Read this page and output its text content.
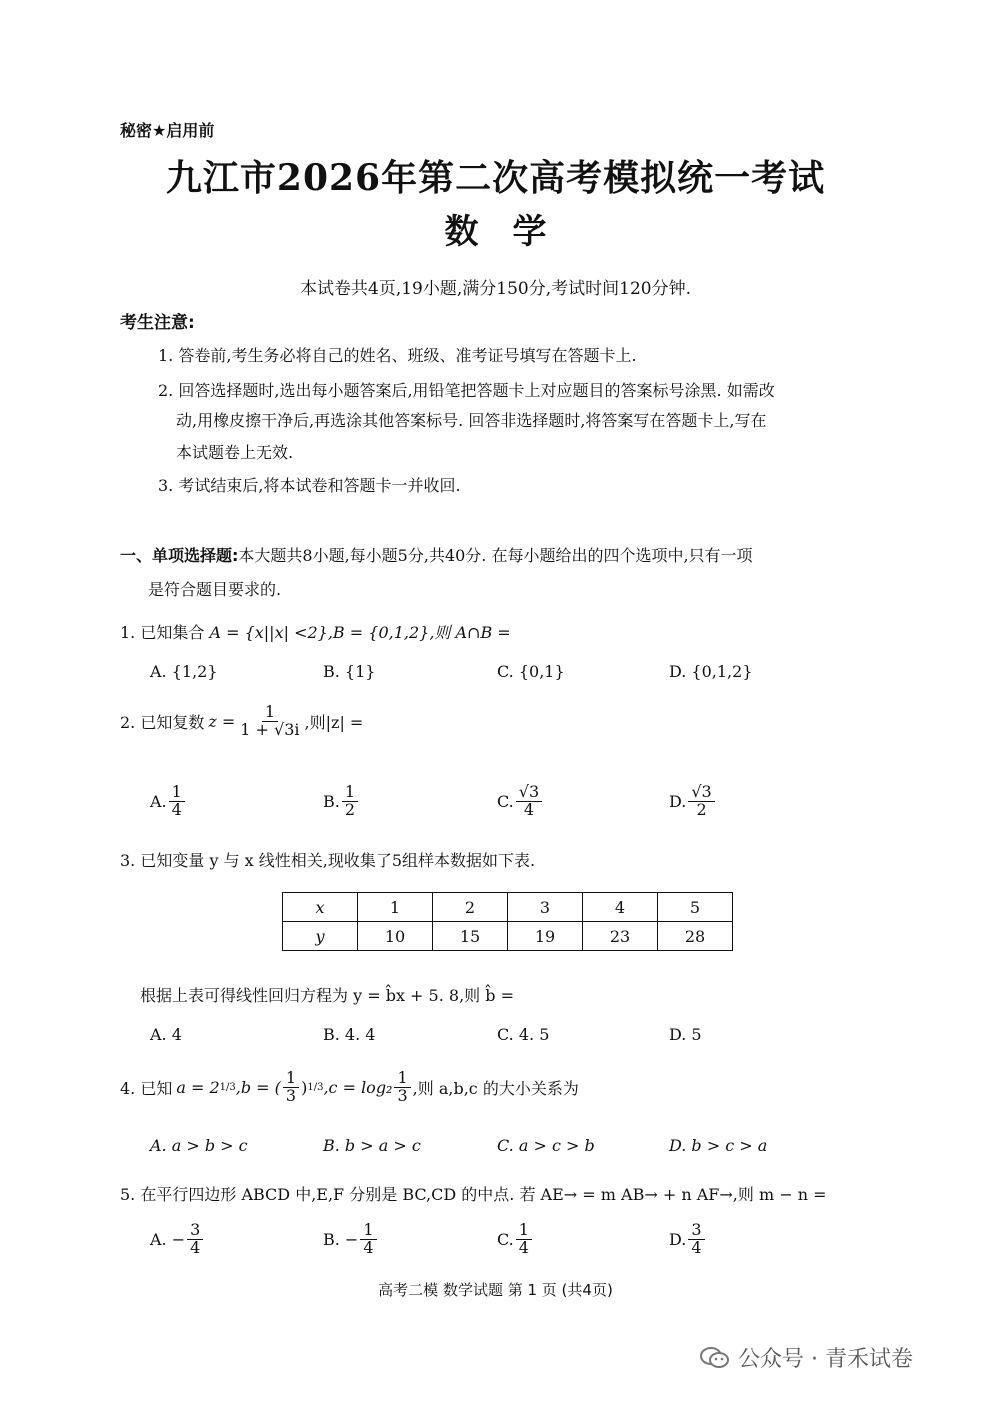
秘密★启用前
九江市2026年第二次高考模拟统一考试
数　学
本试卷共4页,19小题,满分150分,考试时间120分钟.
考生注意:
1. 答卷前,考生务必将自己的姓名、班级、准考证号填写在答题卡上.
2. 回答选择题时,选出每小题答案后,用铅笔把答题卡上对应题目的答案标号涂黑. 如需改
动,用橡皮擦干净后,再选涂其他答案标号. 回答非选择题时,将答案写在答题卡上,写在
本试题卷上无效.
3. 考试结束后,将本试卷和答题卡一并收回.
一、单项选择题:本大题共8小题,每小题5分,共40分. 在每小题给出的四个选项中,只有一项
是符合题目要求的.
1. 已知集合 A = {x||x| <2},B = {0,1,2},则 A∩B =
A. {1,2}	B. {1}	C. {0,1}	D. {0,1,2}
2. 已知复数 $z = \frac{1}{1 + √3i}$ ,则|z| =
A. $\frac{1}{4}$	B. $\frac{1}{2}$	C. $\frac{√3}{4}$	D. $\frac{√3}{2}$
3. 已知变量 y 与 x 线性相关,现收集了5组样本数据如下表.
x	1	2	3	4	5
y	10	15	19	23	28
根据上表可得线性回归方程为 y = b̂x + 5. 8,则 b̂ =
A. 4	B. 4. 4	C. 4. 5	D. 5
4. 已知 a = 2 1/3 ,b = ( $\frac{1}{3}$ ) 1/3 $,c = \log_2 \frac{1}{3}$ ,则 a,b,c 的大小关系为
A. a > b > c	B. b > a > c	C. a > c > b	D. b > c > a
5. 在平行四边形 ABCD 中,E,F 分别是 BC,CD 的中点. 若 AE→ = m AB→ + n AF→,则 m − n =
A. − $\frac{3}{4}$	B. − $\frac{1}{4}$	C. $\frac{1}{4}$	D. $\frac{3}{4}$
高考二模 数学试题 第 1 页 (共4页)
公众号 · 青禾试卷
